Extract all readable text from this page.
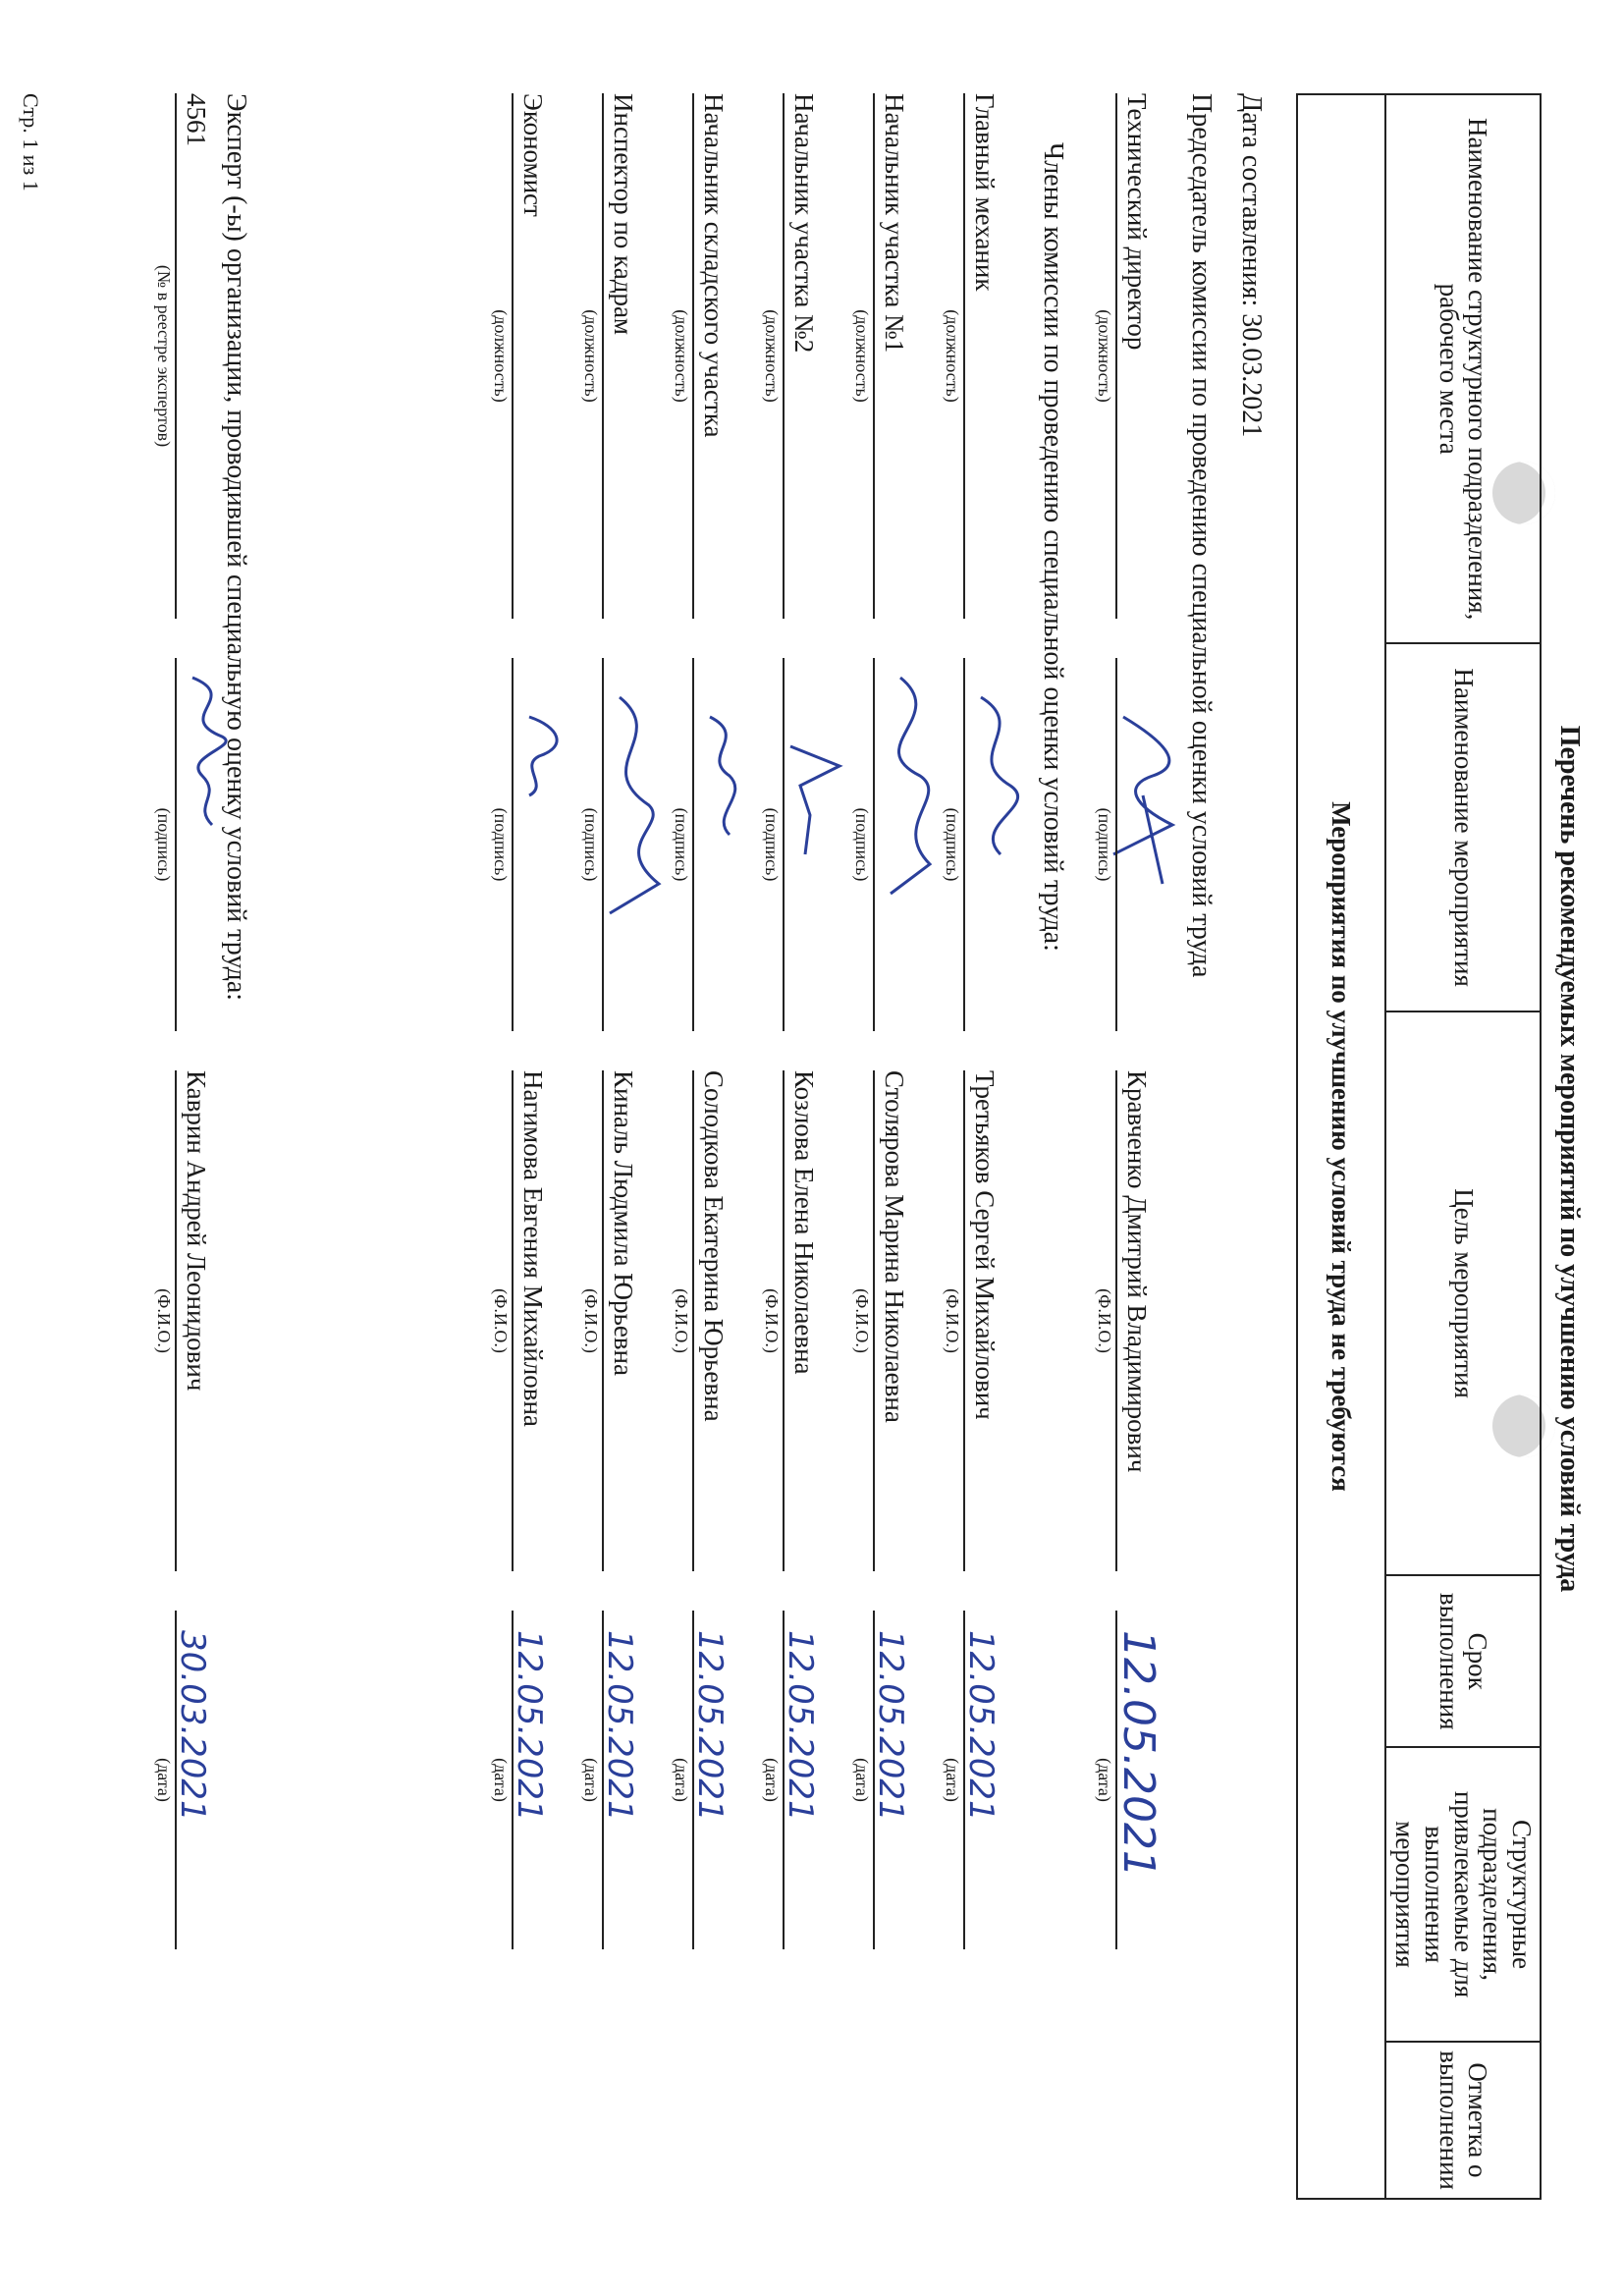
Перечень рекомендуемых мероприятий по улучшению условий труда
Наименование структурного подразделения, рабочего места	Наименование мероприятия	Цель мероприятия	Срок выполнения	Структурные подразделения, привлекаемые для выполнения мероприятия	Отметка о выполнении
Мероприятия по улучшению условий труда не требуются
Дата составления: 30.03.2021
Председатель комиссии по проведению специальной оценки условий труда
Технический директор
(должность)
(подпись)
Кравченко Дмитрий Владимирович
(Ф.И.О.)
12.05.2021
(дата)
Члены комиссии по проведению специальной оценки условий труда:
Главный механик
(должность)
(подпись)
Третьяков Сергей Михайлович
(Ф.И.О.)
12.05.2021
(дата)
Начальник участка №1
(должность)
(подпись)
Столярова Марина Николаевна
(Ф.И.О.)
12.05.2021
(дата)
Начальник участка №2
(должность)
(подпись)
Козлова Елена Николаевна
(Ф.И.О.)
12.05.2021
(дата)
Начальник складского участка
(должность)
(подпись)
Солодкова Екатерина Юрьевна
(Ф.И.О.)
12.05.2021
(дата)
Инспектор по кадрам
(должность)
(подпись)
Киналь Людмила Юрьевна
(Ф.И.О.)
12.05.2021
(дата)
Экономист
(должность)
(подпись)
Нагимова Евгения Михайловна
(Ф.И.О.)
12.05.2021
(дата)
Эксперт (-ы) организации, проводившей специальную оценку условий труда:
4561
(№ в реестре экспертов)
(подпись)
Каврин Андрей Леонидович
(Ф.И.О.)
30.03.2021
(дата)
Стр. 1 из 1
